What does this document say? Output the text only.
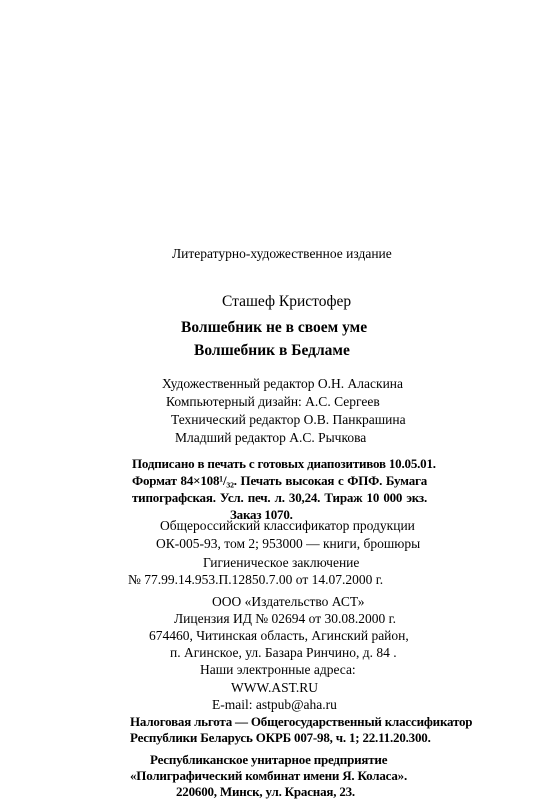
Литературно-художественное издание
Сташеф Кристофер
Волшебник не в своем уме
Волшебник в Бедламе
Художественный редактор О.Н. Аласкина
Компьютерный дизайн: А.С. Сергеев
Технический редактор О.В. Панкрашина
Младший редактор А.С. Рычкова
Подписано в печать с готовых диапозитивов 10.05.01.
Формат 84×108¹/₃₂. Печать высокая с ФПФ. Бумага
типографская. Усл. печ. л. 30,24. Тираж 10 000 экз.
Заказ 1070.
Общероссийский классификатор продукции
ОК-005-93, том 2; 953000 — книги, брошюры
Гигиеническое заключение
№ 77.99.14.953.П.12850.7.00 от 14.07.2000 г.
ООО «Издательство АСТ»
Лицензия ИД № 02694 от 30.08.2000 г.
674460, Читинская область, Агинский район,
п. Агинское, ул. Базара Ринчино, д. 84 .
Наши электронные адреса:
WWW.AST.RU
E-mail: astpub@aha.ru
Налоговая льгота — Общегосударственный классификатор
Республики Беларусь ОКРБ 007-98, ч. 1; 22.11.20.300.
Республиканское унитарное предприятие
«Полиграфический комбинат имени Я. Коласа».
220600, Минск, ул. Красная, 23.
